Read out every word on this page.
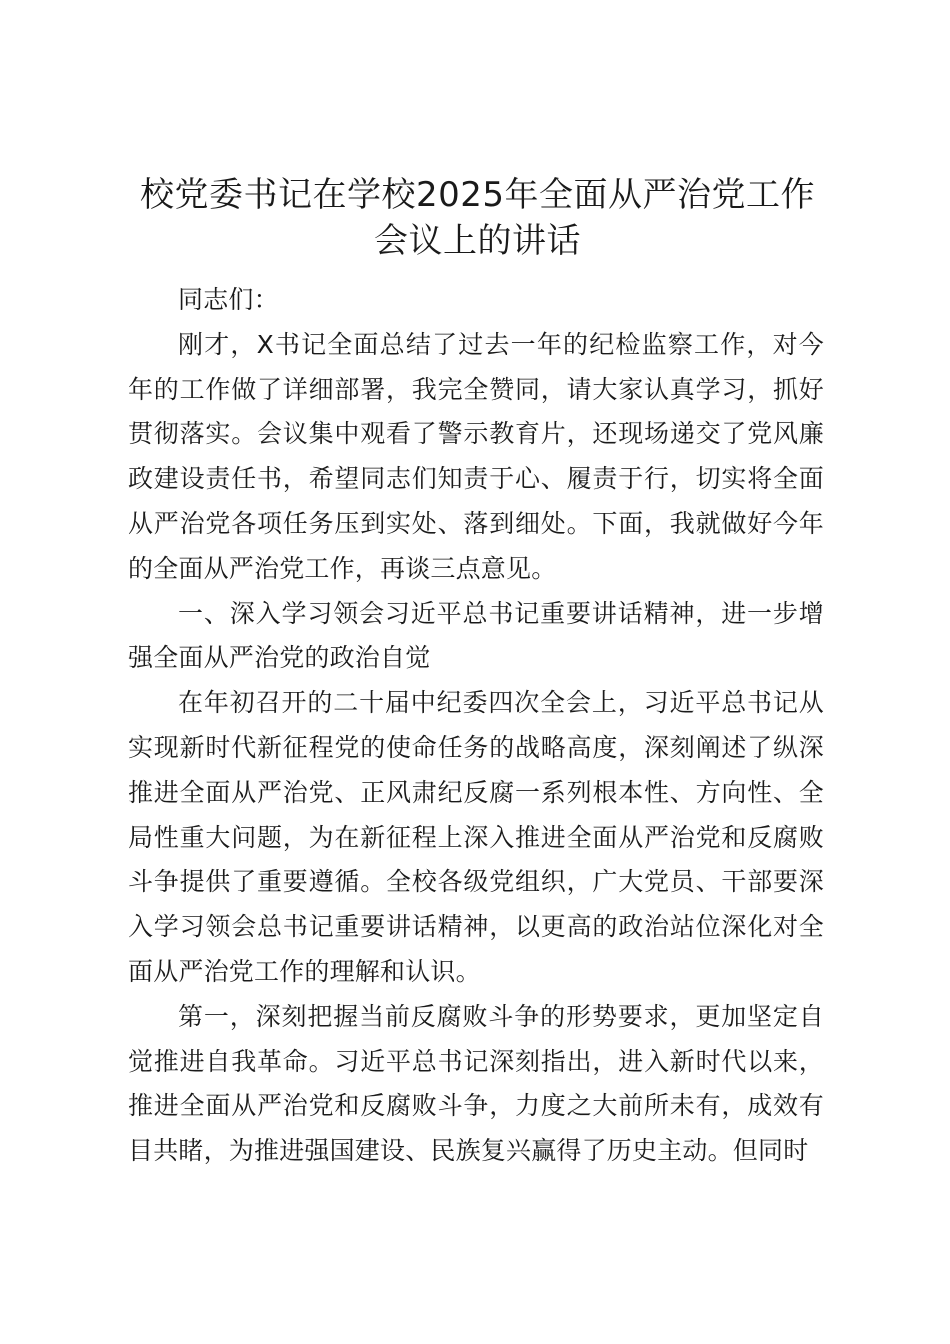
校党委书记在学校2025年全面从严治党工作
会议上的讲话

同志们：

刚才，X书记全面总结了过去一年的纪检监察工作，对今年的工作做了详细部署，我完全赞同，请大家认真学习，抓好贯彻落实。会议集中观看了警示教育片，还现场递交了党风廉政建设责任书，希望同志们知责于心、履责于行，切实将全面从严治党各项任务压到实处、落到细处。下面，我就做好今年的全面从严治党工作，再谈三点意见。

一、深入学习领会习近平总书记重要讲话精神，进一步增强全面从严治党的政治自觉

在年初召开的二十届中纪委四次全会上，习近平总书记从实现新时代新征程党的使命任务的战略高度，深刻阐述了纵深推进全面从严治党、正风肃纪反腐一系列根本性、方向性、全局性重大问题，为在新征程上深入推进全面从严治党和反腐败斗争提供了重要遵循。全校各级党组织，广大党员、干部要深入学习领会总书记重要讲话精神，以更高的政治站位深化对全面从严治党工作的理解和认识。

第一，深刻把握当前反腐败斗争的形势要求，更加坚定自觉推进自我革命。习近平总书记深刻指出，进入新时代以来，推进全面从严治党和反腐败斗争，力度之大前所未有，成效有目共睹，为推进强国建设、民族复兴赢得了历史主动。但同时
